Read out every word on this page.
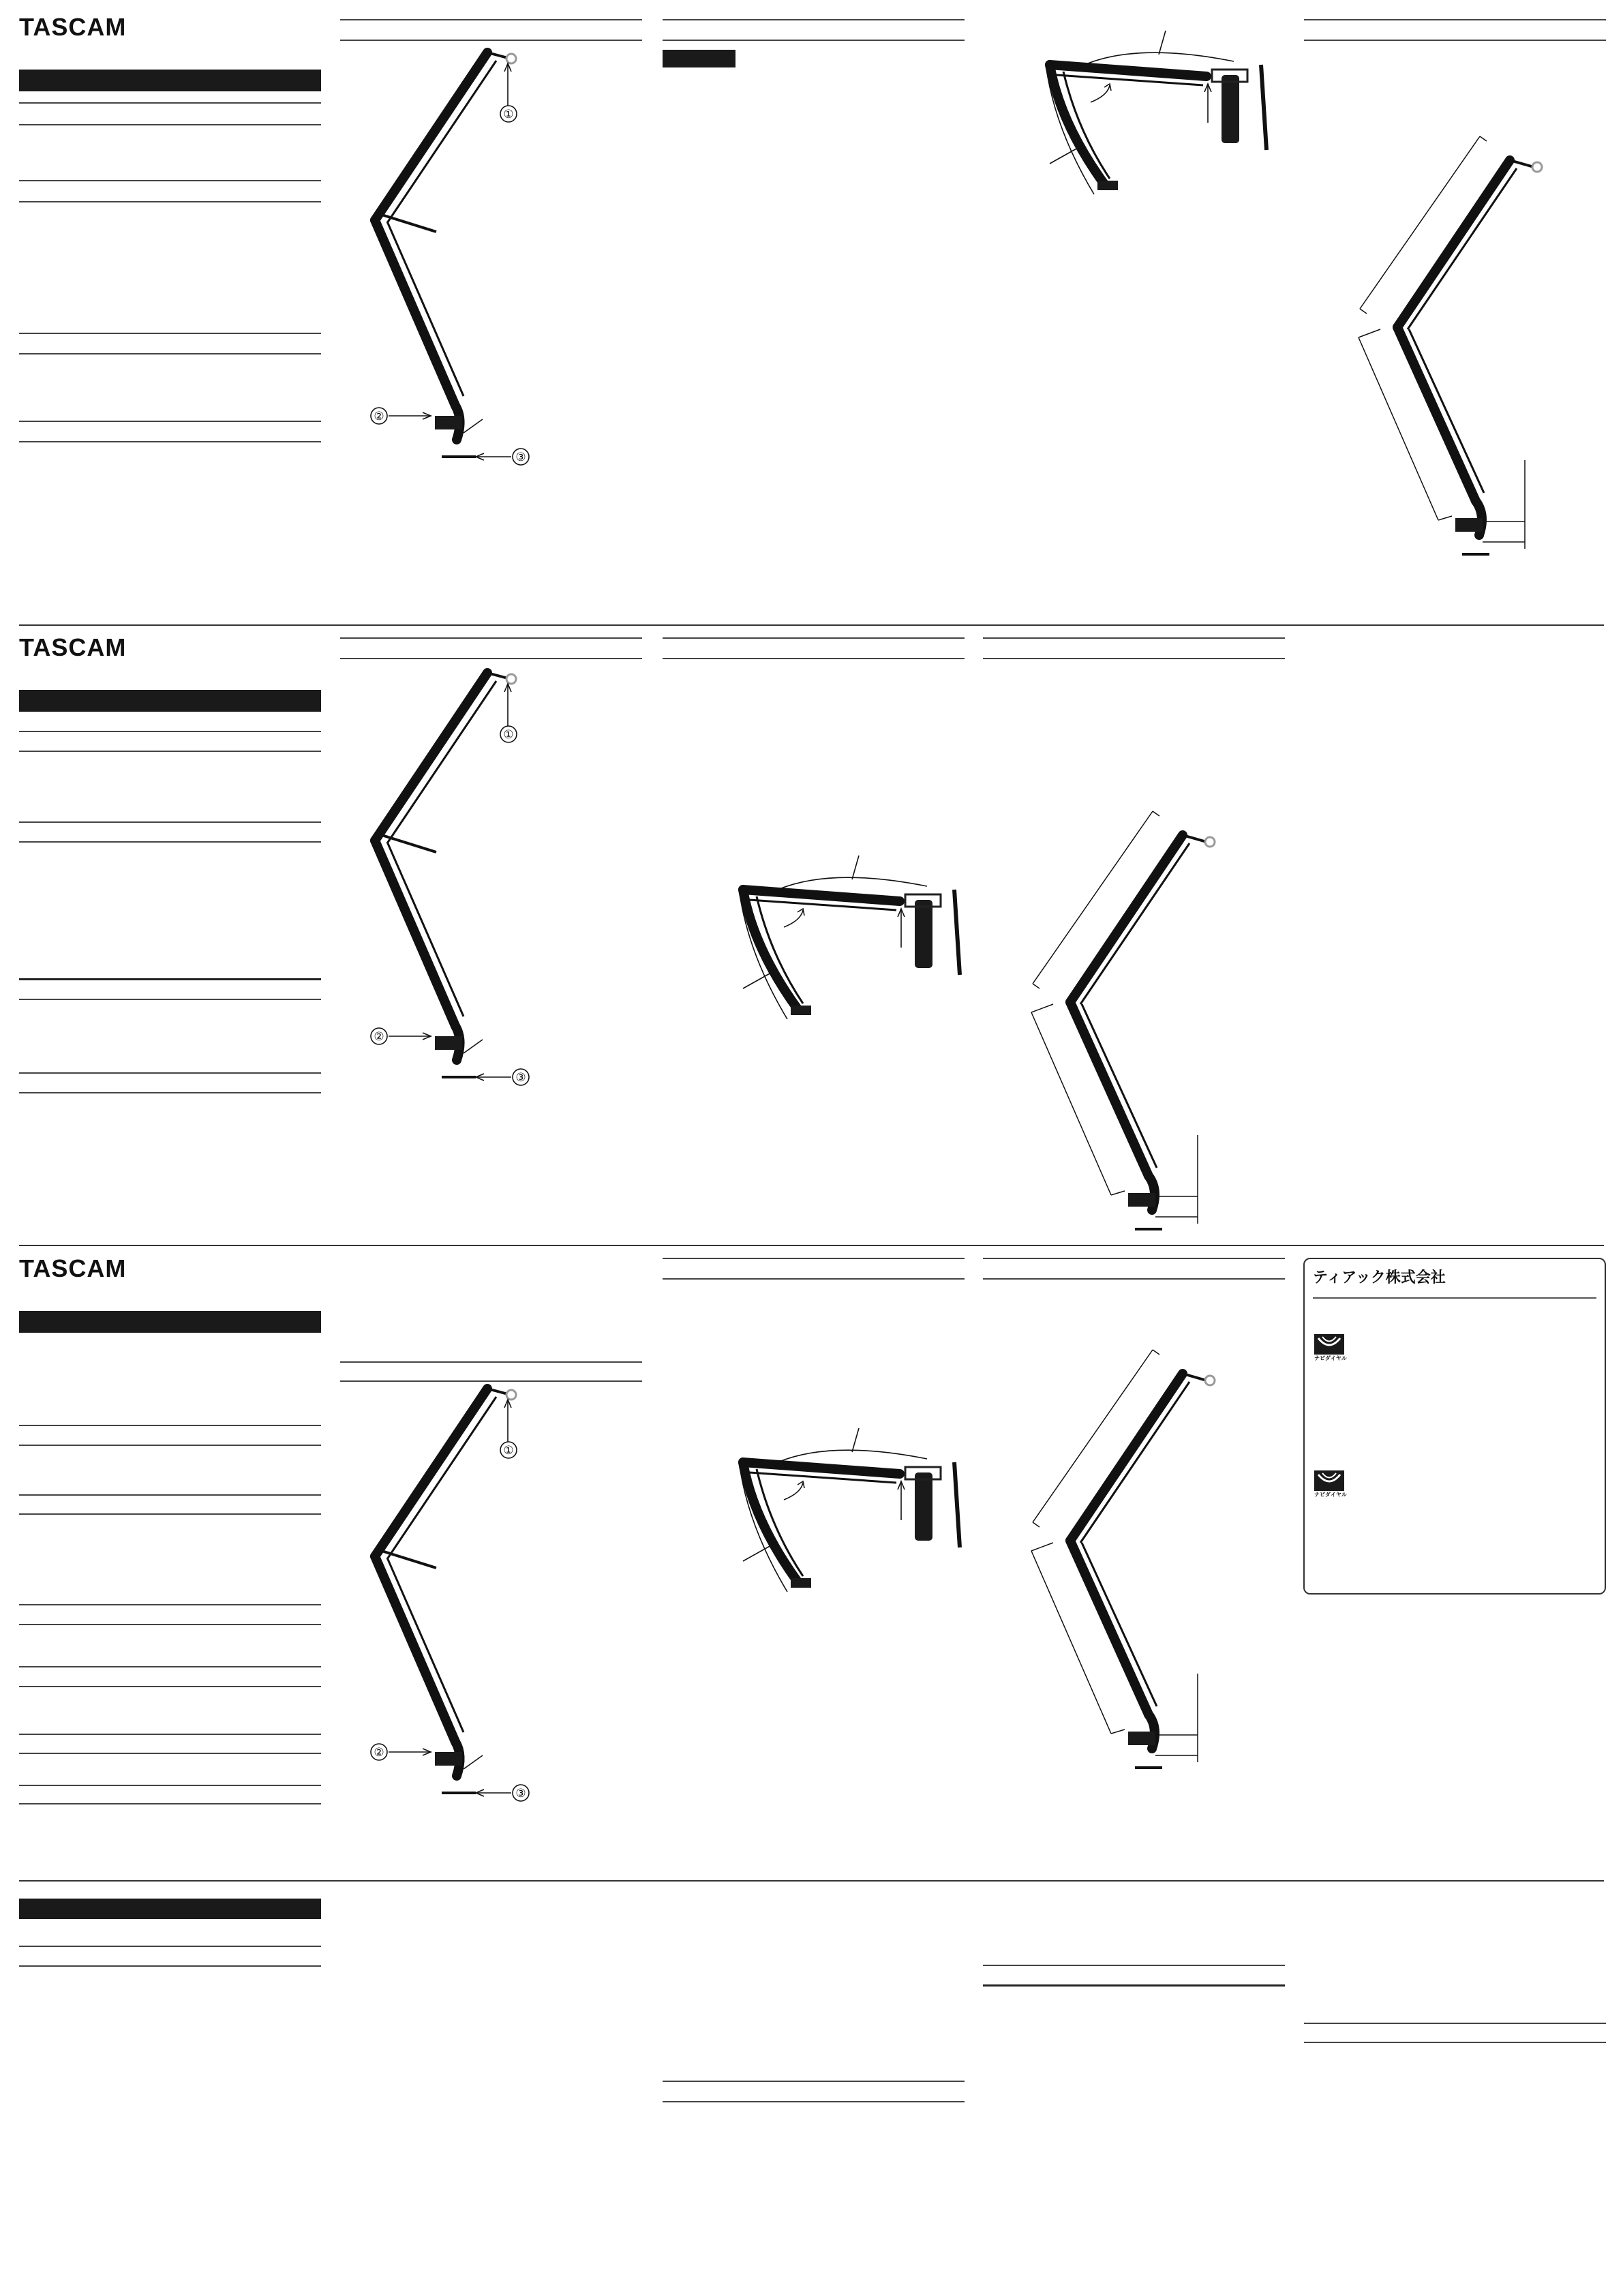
TASCAM
TASCAM
TASCAM
①
②
③
①
②
③
①
②
③
ティアック株式会社
ナビダイヤル
ナビダイヤル
